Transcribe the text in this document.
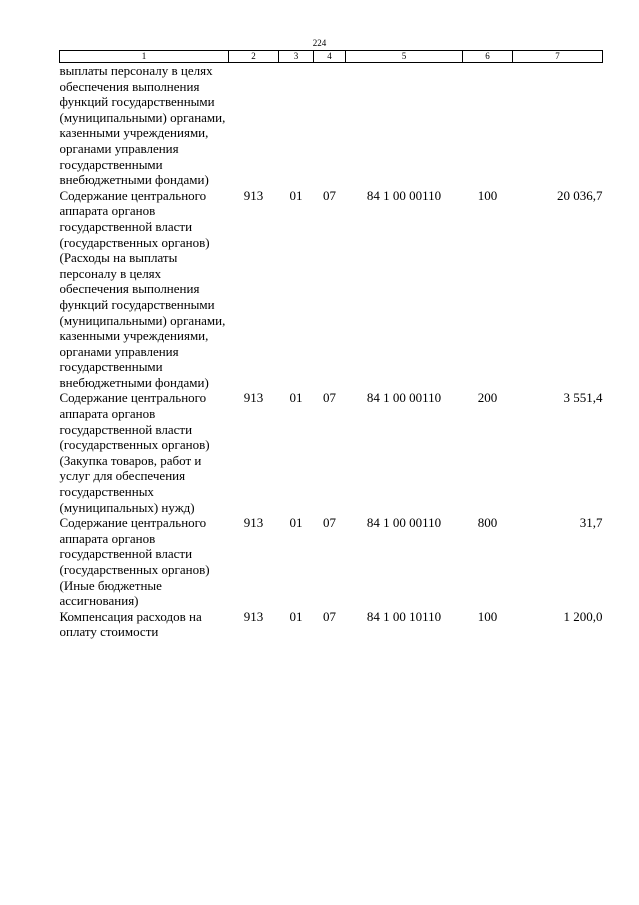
224
1	2	3	4	5	6	7
выплаты персоналу в целях обеспечения выполнения функций государственными (муниципальными) органами, казенными учреждениями, органами управления государственными внебюджетными фондами)						
Содержание центрального аппарата органов государственной власти (государственных органов) (Расходы на выплаты персоналу в целях обеспечения выполнения функций государственными (муниципальными) органами, казенными учреждениями, органами управления государственными внебюджетными фондами)	913	01	07	84 1 00 00110	100	20 036,7
Содержание центрального аппарата органов государственной власти (государственных органов) (Закупка товаров, работ и услуг для обеспечения государственных (муниципальных) нужд)	913	01	07	84 1 00 00110	200	3 551,4
Содержание центрального аппарата органов государственной власти (государственных органов) (Иные бюджетные ассигнования)	913	01	07	84 1 00 00110	800	31,7
Компенсация расходов на оплату стоимости	913	01	07	84 1 00 10110	100	1 200,0
